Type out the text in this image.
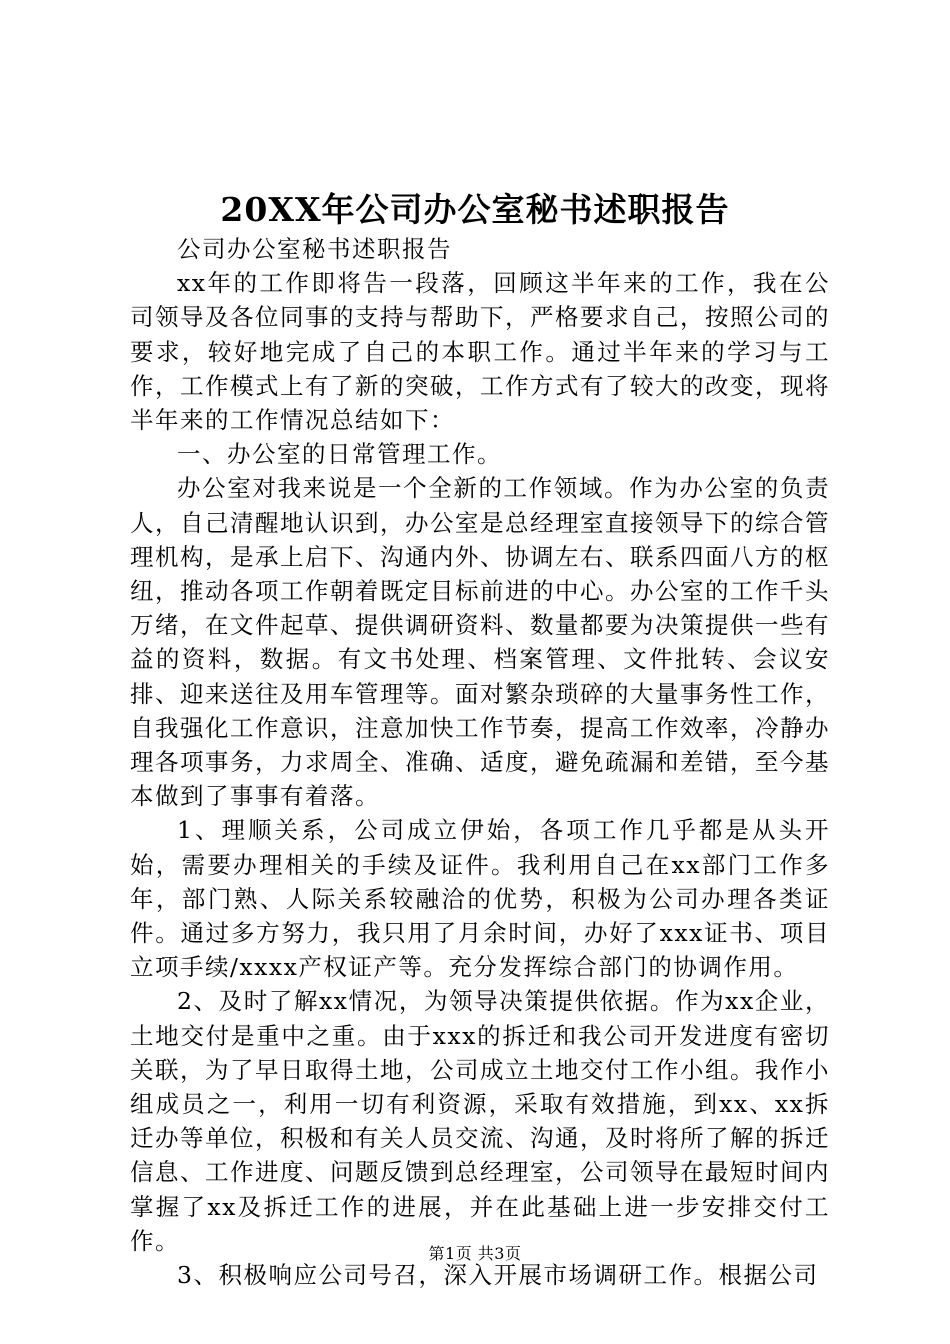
20XX年公司办公室秘书述职报告

公司办公室秘书述职报告

xx年的工作即将告一段落，回顾这半年来的工作，我在公司领导及各位同事的支持与帮助下，严格要求自己，按照公司的要求，较好地完成了自己的本职工作。通过半年来的学习与工作，工作模式上有了新的突破，工作方式有了较大的改变，现将半年来的工作情况总结如下：

一、办公室的日常管理工作。

办公室对我来说是一个全新的工作领域。作为办公室的负责人，自己清醒地认识到，办公室是总经理室直接领导下的综合管理机构，是承上启下、沟通内外、协调左右、联系四面八方的枢纽，推动各项工作朝着既定目标前进的中心。办公室的工作千头万绪，在文件起草、提供调研资料、数量都要为决策提供一些有益的资料，数据。有文书处理、档案管理、文件批转、会议安排、迎来送往及用车管理等。面对繁杂琐碎的大量事务性工作，自我强化工作意识，注意加快工作节奏，提高工作效率，冷静办理各项事务，力求周全、准确、适度，避免疏漏和差错，至今基本做到了事事有着落。

1、理顺关系，公司成立伊始，各项工作几乎都是从头开始，需要办理相关的手续及证件。我利用自己在xx部门工作多年，部门熟、人际关系较融洽的优势，积极为公司办理各类证件。通过多方努力，我只用了月余时间，办好了xxx证书、项目立项手续/xxxx产权证产等。充分发挥综合部门的协调作用。

2、及时了解xx情况，为领导决策提供依据。作为xx企业，土地交付是重中之重。由于xxx的拆迁和我公司开发进度有密切关联，为了早日取得土地，公司成立土地交付工作小组。我作小组成员之一，利用一切有利资源，采取有效措施，到xx、xx拆迁办等单位，积极和有关人员交流、沟通，及时将所了解的拆迁信息、工作进度、问题反馈到总经理室，公司领导在最短时间内掌握了xx及拆迁工作的进展，并在此基础上进一步安排交付工作。

3、积极响应公司号召，深入开展市场调研工作。根据公司

第1页 共3页
